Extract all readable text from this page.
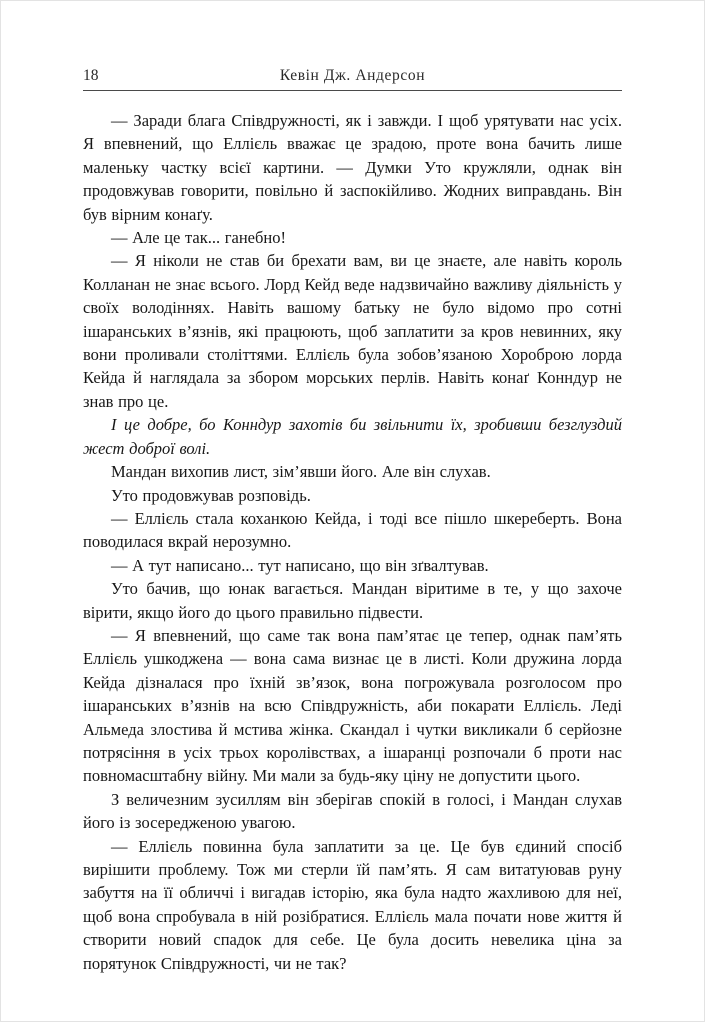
18	Кевін Дж. Андерсон

— Заради блага Співдружності, як і завжди. І щоб урятувати нас усіх. Я впевнений, що Еллієль вважає це зрадою, проте вона бачить лише маленьку частку всієї картини. — Думки Уто кружляли, однак він продовжував говорити, повільно й заспокійливо. Жодних виправдань. Він був вірним конаґу.

— Але це так... ганебно!

— Я ніколи не став би брехати вам, ви це знаєте, але навіть король Колланан не знає всього. Лорд Кейд веде надзвичайно важливу діяльність у своїх володіннях. Навіть вашому батьку не було відомо про сотні ішаранських в’язнів, які працюють, щоб заплатити за кров невинних, яку вони проливали століттями. Еллієль була зобов’язаною Хороброю лорда Кейда й наглядала за збором морських перлів. Навіть конаґ Конндур не знав про це.

І це добре, бо Конндур захотів би звільнити їх, зробивши безглуздий жест доброї волі.

Мандан вихопив лист, зім’явши його. Але він слухав.

Уто продовжував розповідь.

— Еллієль стала коханкою Кейда, і тоді все пішло шкереберть. Вона поводилася вкрай нерозумно.

— А тут написано... тут написано, що він зґвалтував.

Уто бачив, що юнак вагається. Мандан віритиме в те, у що захоче вірити, якщо його до цього правильно підвести.

— Я впевнений, що саме так вона пам’ятає це тепер, однак пам’ять Еллієль ушкоджена — вона сама визнає це в листі. Коли дружина лорда Кейда дізналася про їхній зв’язок, вона погрожувала розголосом про ішаранських в’язнів на всю Співдружність, аби покарати Еллієль. Леді Альмеда злостива й мстива жінка. Скандал і чутки викликали б серйозне потрясіння в усіх трьох королівствах, а ішаранці розпочали б проти нас повномасштабну війну. Ми мали за будь-яку ціну не допустити цього.

З величезним зусиллям він зберігав спокій в голосі, і Мандан слухав його із зосередженою увагою.

— Еллієль повинна була заплатити за це. Це був єдиний спосіб вирішити проблему. Тож ми стерли їй пам’ять. Я сам витатуював руну забуття на її обличчі і вигадав історію, яка була надто жахливою для неї, щоб вона спробувала в ній розібратися. Еллієль мала почати нове життя й створити новий спадок для себе. Це була досить невелика ціна за порятунок Співдружності, чи не так?
